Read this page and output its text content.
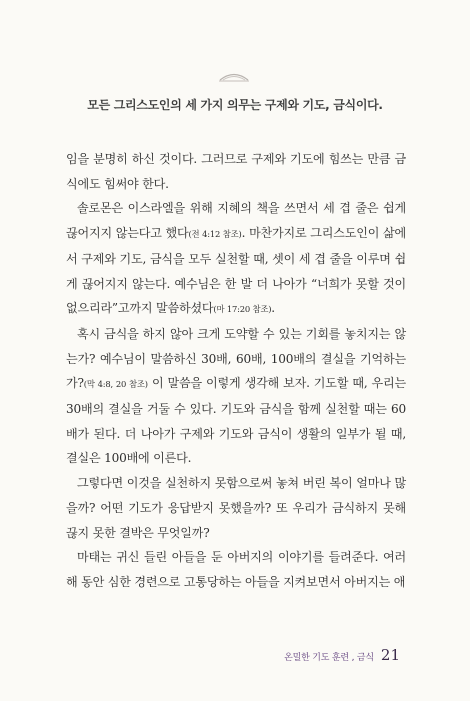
모든 그리스도인의 세 가지 의무는 구제와 기도, 금식이다.

임을 분명히 하신 것이다. 그러므로 구제와 기도에 힘쓰는 만큼 금식에도 힘써야 한다.

솔로몬은 이스라엘을 위해 지혜의 책을 쓰면서 세 겹 줄은 쉽게 끊어지지 않는다고 했다(전 4:12 참조). 마찬가지로 그리스도인이 삶에서 구제와 기도, 금식을 모두 실천할 때, 셋이 세 겹 줄을 이루며 쉽게 끊어지지 않는다. 예수님은 한 발 더 나아가 “너희가 못할 것이 없으리라”고까지 말씀하셨다(마 17:20 참조).

혹시 금식을 하지 않아 크게 도약할 수 있는 기회를 놓치지는 않는가? 예수님이 말씀하신 30배, 60배, 100배의 결실을 기억하는가?(막 4:8, 20 참조) 이 말씀을 이렇게 생각해 보자. 기도할 때, 우리는 30배의 결실을 거둘 수 있다. 기도와 금식을 함께 실천할 때는 60배가 된다. 더 나아가 구제와 기도와 금식이 생활의 일부가 될 때, 결실은 100배에 이른다.

그렇다면 이것을 실천하지 못함으로써 놓쳐 버린 복이 얼마나 많을까? 어떤 기도가 응답받지 못했을까? 또 우리가 금식하지 못해 끊지 못한 결박은 무엇일까?

마태는 귀신 들린 아들을 둔 아버지의 이야기를 들려준다. 여러 해 동안 심한 경련으로 고통당하는 아들을 지켜보면서 아버지는 애

온밀한 기도 훈련 , 금식 21
